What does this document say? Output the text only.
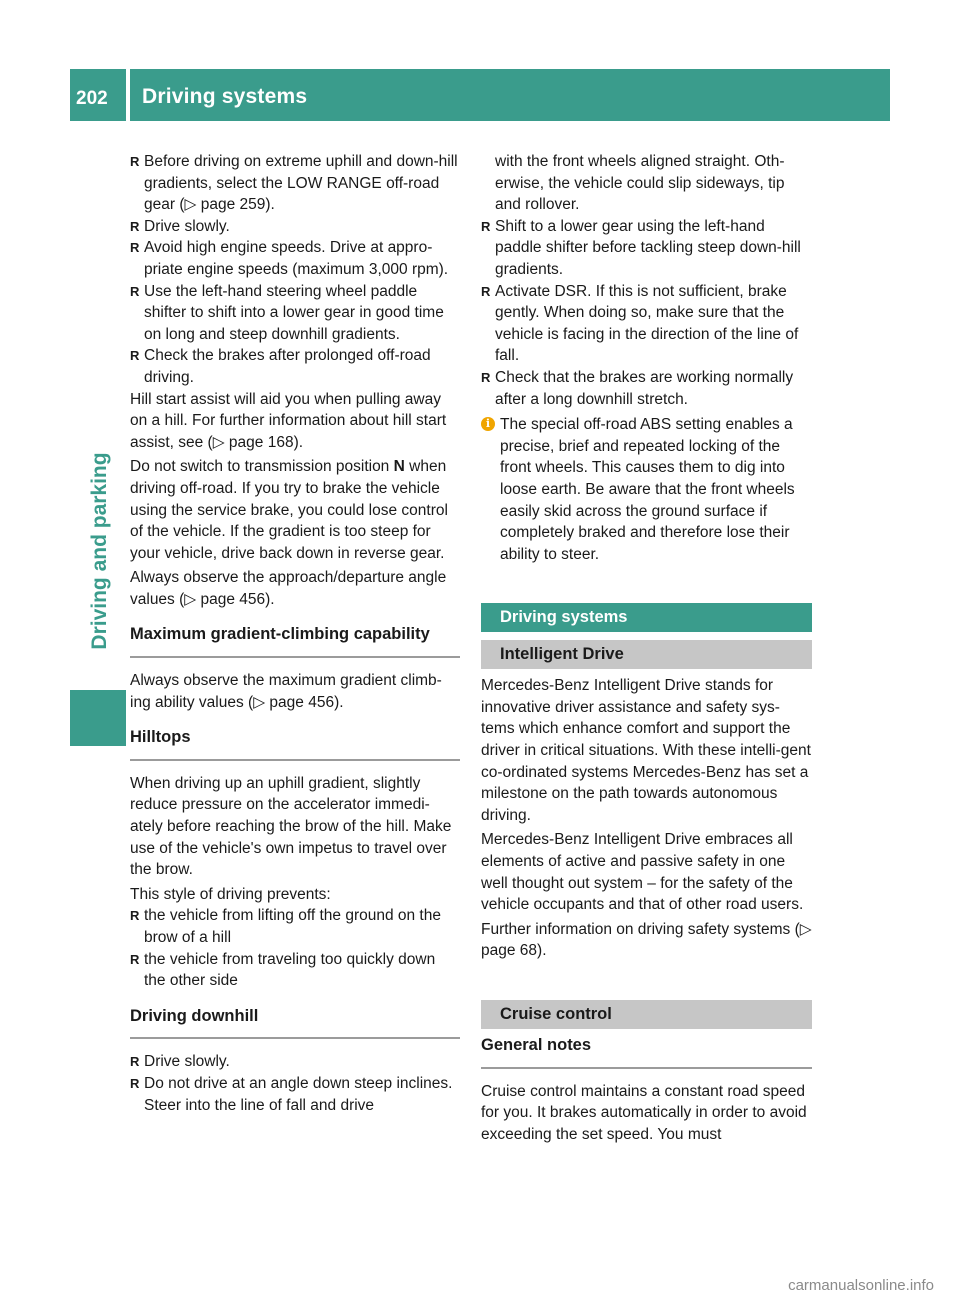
202	Driving systems
Driving and parking
R Before driving on extreme uphill and down-hill gradients, select the LOW RANGE off-road gear (▷ page 259).
R Drive slowly.
R Avoid high engine speeds. Drive at appro-priate engine speeds (maximum 3,000 rpm).
R Use the left-hand steering wheel paddle shifter to shift into a lower gear in good time on long and steep downhill gradients.
R Check the brakes after prolonged off-road driving.

Hill start assist will aid you when pulling away on a hill. For further information about hill start assist, see (▷ page 168).

Do not switch to transmission position N when driving off-road. If you try to brake the vehicle using the service brake, you could lose control of the vehicle. If the gradient is too steep for your vehicle, drive back down in reverse gear.

Always observe the approach/departure angle values (▷ page 456).

Maximum gradient-climbing capability

Always observe the maximum gradient climb-ing ability values (▷ page 456).

Hilltops

When driving up an uphill gradient, slightly reduce pressure on the accelerator immedi-ately before reaching the brow of the hill. Make use of the vehicle's own impetus to travel over the brow.

This style of driving prevents:

R the vehicle from lifting off the ground on the brow of a hill
R the vehicle from traveling too quickly down the other side
Driving downhill
R Drive slowly.
R Do not drive at an angle down steep inclines. Steer into the line of fall and drive

with the front wheels aligned straight. Oth-erwise, the vehicle could slip sideways, tip and rollover.

R Shift to a lower gear using the left-hand paddle shifter before tackling steep down-hill gradients.
R Activate DSR. If this is not sufficient, brake gently. When doing so, make sure that the vehicle is facing in the direction of the line of fall.
R Check that the brakes are working normally after a long downhill stretch.
i The special off-road ABS setting enables a precise, brief and repeated locking of the front wheels. This causes them to dig into loose earth. Be aware that the front wheels easily skid across the ground surface if completely braked and therefore lose their ability to steer.
Driving systems
Intelligent Drive

Mercedes-Benz Intelligent Drive stands for innovative driver assistance and safety sys-tems which enhance comfort and support the driver in critical situations. With these intelli-gent co-ordinated systems Mercedes-Benz has set a milestone on the path towards autonomous driving.

Mercedes-Benz Intelligent Drive embraces all elements of active and passive safety in one well thought out system – for the safety of the vehicle occupants and that of other road users.

Further information on driving safety systems (▷ page 68).

Cruise control
General notes

Cruise control maintains a constant road speed for you. It brakes automatically in order to avoid exceeding the set speed. You must

carmanualsonline.info
